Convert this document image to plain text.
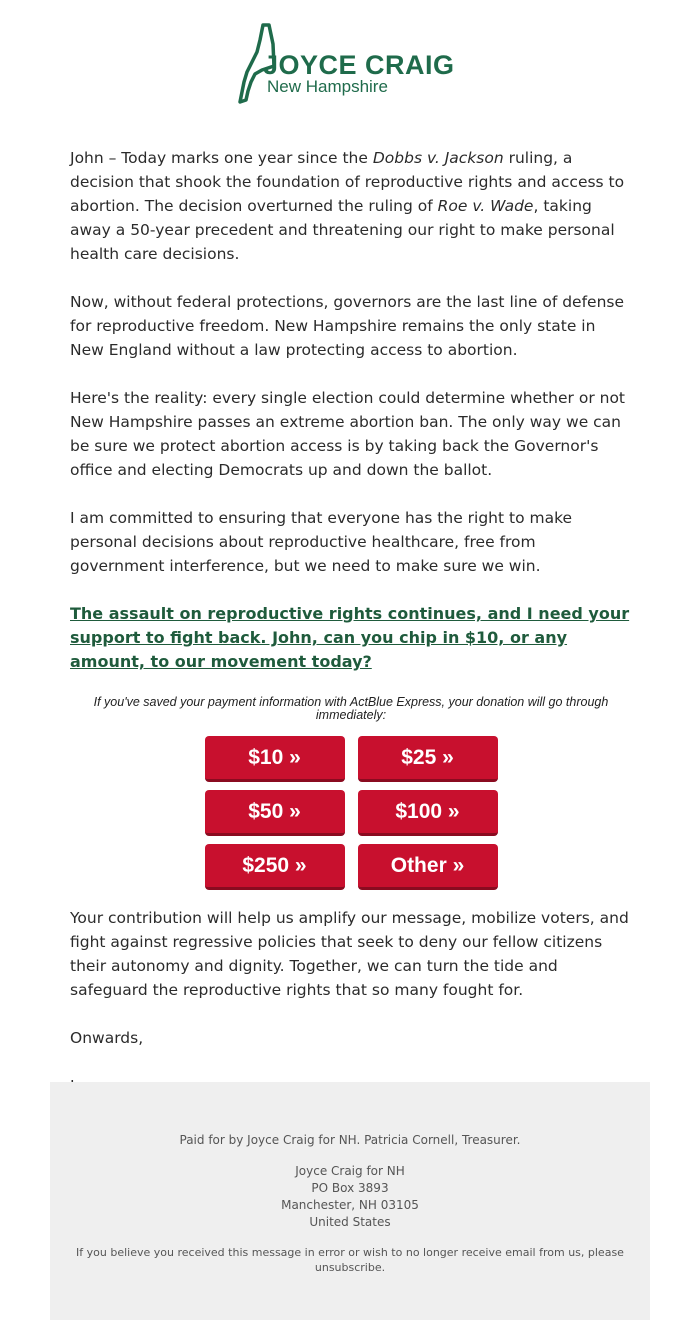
JOYCE CRAIG
New Hampshire

John – Today marks one year since the Dobbs v. Jackson ruling, a decision that shook the foundation of reproductive rights and access to abortion. The decision overturned the ruling of Roe v. Wade, taking away a 50-year precedent and threatening our right to make personal health care decisions.

Now, without federal protections, governors are the last line of defense for reproductive freedom. New Hampshire remains the only state in New England without a law protecting access to abortion.

Here's the reality: every single election could determine whether or not New Hampshire passes an extreme abortion ban. The only way we can be sure we protect abortion access is by taking back the Governor's office and electing Democrats up and down the ballot.

I am committed to ensuring that everyone has the right to make personal decisions about reproductive healthcare, free from government interference, but we need to make sure we win.

The assault on reproductive rights continues, and I need your support to fight back. John, can you chip in $10, or any amount, to our movement today?

If you've saved your payment information with ActBlue Express, your donation will go through immediately:
$10 »	$25 »
$50 »	$100 »
$250 »	Other »

Your contribution will help us amplify our message, mobilize voters, and fight against regressive policies that seek to deny our fellow citizens their autonomy and dignity. Together, we can turn the tide and safeguard the reproductive rights that so many fought for.

Onwards,

Paid for by Joyce Craig for NH. Patricia Cornell, Treasurer.
Joyce Craig for NH
PO Box 3893
Manchester, NH 03105
United States
If you believe you received this message in error or wish to no longer receive email from us, please unsubscribe.
